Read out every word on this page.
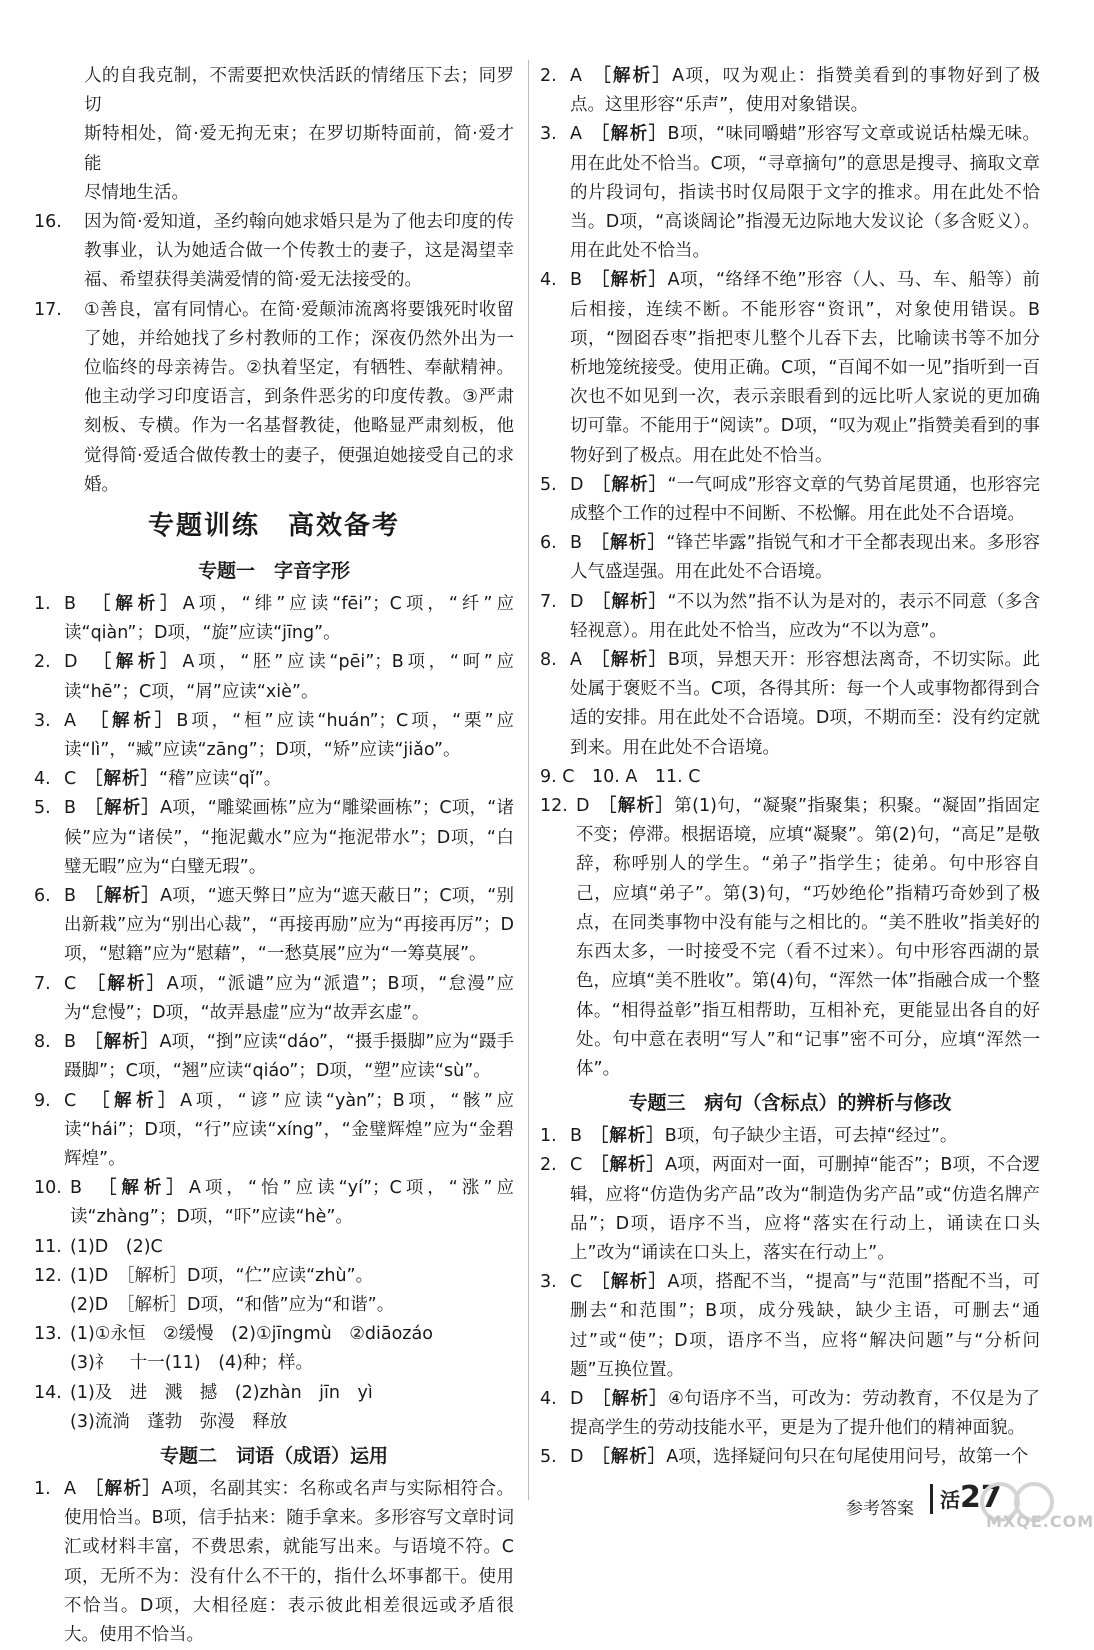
人的自我克制，不需要把欢快活跃的情绪压下去；同罗切
斯特相处，简·爱无拘无束；在罗切斯特面前，简·爱才能
尽情地生活。
16.	因为简·爱知道，圣约翰向她求婚只是为了他去印度的传教事业，认为她适合做一个传教士的妻子，这是渴望幸福、希望获得美满爱情的简·爱无法接受的。
17.	①善良，富有同情心。在简·爱颠沛流离将要饿死时收留了她，并给她找了乡村教师的工作；深夜仍然外出为一位临终的母亲祷告。②执着坚定，有牺牲、奉献精神。他主动学习印度语言，到条件恶劣的印度传教。③严肃刻板、专横。作为一名基督教徒，他略显严肃刻板，他觉得简·爱适合做传教士的妻子，便强迫她接受自己的求婚。
专题训练　高效备考
专题一　字音字形
1. B　 ［解析］A项，“绯”应读“fēi”；C项，“纤”应读“qiàn”；D项，“旋”应读“jīng”。
2. D　 ［解析］A项，“胚”应读“pēi”；B项，“呵”应读“hē”；C项，“屑”应读“xiè”。
3. A　 ［解析］B项，“桓”应读“huán”；C项，“栗”应读“lì”，“臧”应读“zāng”；D项，“矫”应读“jiǎo”。
4. C　 ［解析］“稽”应读“qǐ”。
5. B　 ［解析］A项，“雕粱画栋”应为“雕梁画栋”；C项，“诸候”应为“诸侯”，“拖泥戴水”应为“拖泥带水”；D项，“白璧无暇”应为“白璧无瑕”。
6. B　 ［解析］A项，“遮天弊日”应为“遮天蔽日”；C项，“别出新栽”应为“别出心裁”，“再接再励”应为“再接再厉”；D项，“慰籍”应为“慰藉”，“一愁莫展”应为“一筹莫展”。
7. C　 ［解析］A项，“派谴”应为“派遣”；B项，“怠漫”应为“怠慢”；D项，“故弄悬虚”应为“故弄玄虚”。
8. B　 ［解析］A项，“捯”应读“dáo”，“摄手摄脚”应为“蹑手蹑脚”；C项，“翘”应读“qiáo”；D项，“塑”应读“sù”。
9. C　 ［解析］A项，“谚”应读“yàn”；B项，“骸”应读“hái”；D项，“行”应读“xíng”，“金璧辉煌”应为“金碧辉煌”。
10. B　 ［解析］A项，“怡”应读“yí”；C项，“涨”应读“zhàng”；D项，“吓”应读“hè”。
11. (1)D　(2)C
12. (1)D　［解析］D项，“伫”应读“zhù”。
(2)D　［解析］D项，“和偕”应为“和谐”。
13. (1)①永恒　②缓慢　(2)①jīngmù　②diāozáo
(3)礻　十一(11)　(4)种；样。
14. (1)及　进　溅　撼　(2)zhàn　jīn　yì
(3)流淌　蓬勃　弥漫　释放
专题二　词语（成语）运用
1. A　 ［解析］A项，名副其实：名称或名声与实际相符合。使用恰当。B项，信手拈来：随手拿来。多形容写文章时词汇或材料丰富，不费思索，就能写出来。与语境不符。C项，无所不为：没有什么不干的，指什么坏事都干。使用不恰当。D项，大相径庭：表示彼此相差很远或矛盾很大。使用不恰当。
2. A　 ［解析］A项，叹为观止：指赞美看到的事物好到了极点。这里形容“乐声”，使用对象错误。
3. A　 ［解析］B项，“味同嚼蜡”形容写文章或说话枯燥无味。用在此处不恰当。C项，“寻章摘句”的意思是搜寻、摘取文章的片段词句，指读书时仅局限于文字的推求。用在此处不恰当。D项，“高谈阔论”指漫无边际地大发议论（多含贬义）。用在此处不恰当。
4. B　 ［解析］A项，“络绎不绝”形容（人、马、车、船等）前后相接，连续不断。不能形容“资讯”，对象使用错误。B项，“囫囵吞枣”指把枣儿整个儿吞下去，比喻读书等不加分析地笼统接受。使用正确。C项，“百闻不如一见”指听到一百次也不如见到一次，表示亲眼看到的远比听人家说的更加确切可靠。不能用于“阅读”。D项，“叹为观止”指赞美看到的事物好到了极点。用在此处不恰当。
5. D　 ［解析］“一气呵成”形容文章的气势首尾贯通，也形容完成整个工作的过程中不间断、不松懈。用在此处不合语境。
6. B　 ［解析］“锋芒毕露”指锐气和才干全都表现出来。多形容人气盛逞强。用在此处不合语境。
7. D　 ［解析］“不以为然”指不认为是对的，表示不同意（多含轻视意）。用在此处不恰当，应改为“不以为意”。
8. A　 ［解析］B项，异想天开：形容想法离奇，不切实际。此处属于褒贬不当。C项，各得其所：每一个人或事物都得到合适的安排。用在此处不合语境。D项，不期而至：没有约定就到来。用在此处不合语境。
9. C　10. A　11. C
12. D　 ［解析］第(1)句，“凝聚”指聚集；积聚。“凝固”指固定不变；停滞。根据语境，应填“凝聚”。第(2)句，“高足”是敬辞，称呼别人的学生。“弟子”指学生；徒弟。句中形容自己，应填“弟子”。第(3)句，“巧妙绝伦”指精巧奇妙到了极点，在同类事物中没有能与之相比的。“美不胜收”指美好的东西太多，一时接受不完（看不过来）。句中形容西湖的景色，应填“美不胜收”。第(4)句，“浑然一体”指融合成一个整体。“相得益彰”指互相帮助，互相补充，更能显出各自的好处。句中意在表明“写人”和“记事”密不可分，应填“浑然一体”。
专题三　病句（含标点）的辨析与修改
1. B　 ［解析］B项，句子缺少主语，可去掉“经过”。
2. C　 ［解析］A项，两面对一面，可删掉“能否”；B项，不合逻辑，应将“仿造伪劣产品”改为“制造伪劣产品”或“仿造名牌产品”；D项，语序不当，应将“落实在行动上，诵读在口头上”改为“诵读在口头上，落实在行动上”。
3. C　 ［解析］A项，搭配不当，“提高”与“范围”搭配不当，可删去“和范围”；B项，成分残缺，缺少主语，可删去“通过”或“使”；D项，语序不当，应将“解决问题”与“分析问题”互换位置。
4. D　 ［解析］④句语序不当，可改为：劳动教育，不仅是为了提高学生的劳动技能水平，更是为了提升他们的精神面貌。
5. D　 ［解析］A项，选择疑问句只在句尾使用问号，故第一个
参考答案 活27
MXQE.COM
